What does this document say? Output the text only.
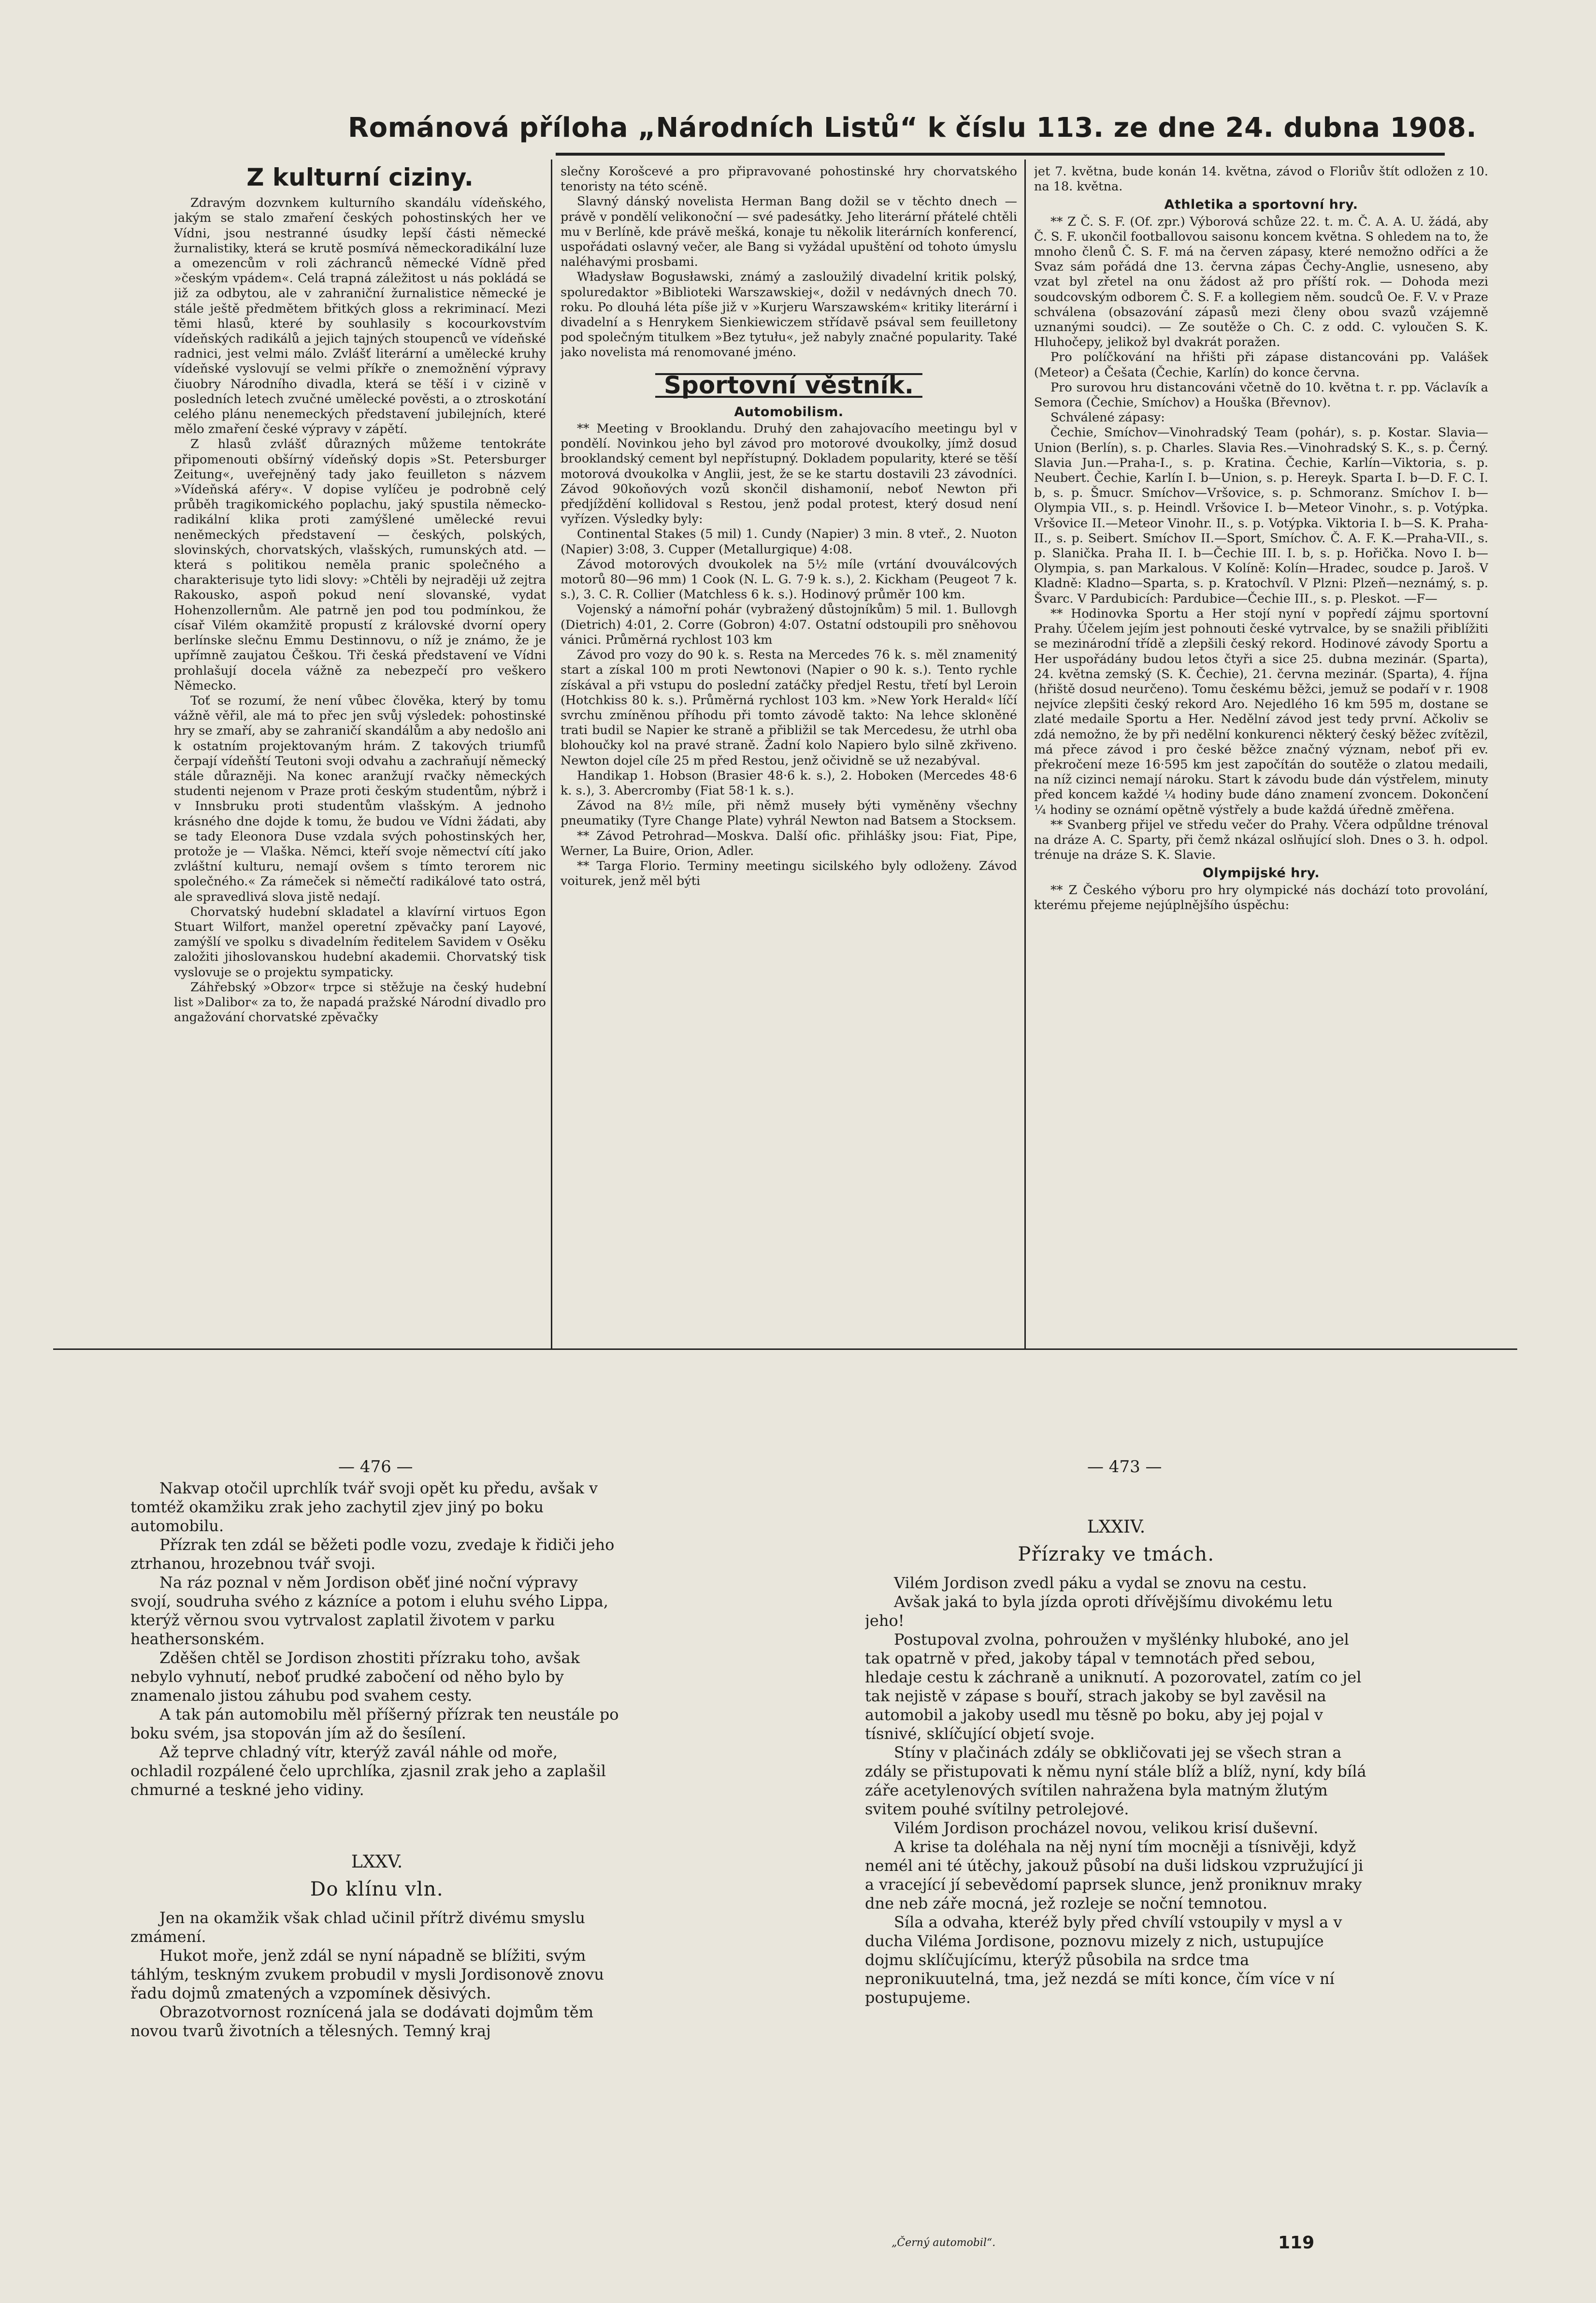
Románová příloha „Národních Listů“ k číslu 113. ze dne 24. dubna 1908.
Z kulturní ciziny.

Zdravým dozvnkem kulturního skandálu vídeňského, jakým se stalo zmaření českých pohostinských her ve Vídni, jsou nestranné úsudky lepší části německé žurnalistiky, která se krutě posmívá německoradikální luze a omezencům v roli záchranců německé Vídně před »českým vpádem«. Celá trapná záležitost u nás pokládá se již za odbytou, ale v zahraniční žurnalistice německé je stále ještě předmětem břitkých gloss a rekriminací. Mezi těmi hlasů, které by souhlasily s kocourkovstvím vídeňských radikálů a jejich tajných stoupenců ve vídeňské radnici, jest velmi málo. Zvlášť literární a umělecké kruhy vídeňské vyslovují se velmi příkře o znemožnění výpravy čiuobry Národního divadla, která se těší i v cizině v posledních letech zvučné umělecké pověsti, a o ztroskotání celého plánu nenemeckých představení jubilejních, které mělo zmaření české výpravy v zápětí.

Z hlasů zvlášť důrazných můžeme tentokráte připomenouti obšírný vídeňský dopis »St. Petersburger Zeitung«, uveřejněný tady jako feuilleton s názvem »Vídeňská aféry«. V dopise vylíčeu je podrobně celý průběh tragikomického poplachu, jaký spustila německo-radikální klika proti zamýšlené umělecké revui neněmeckých představení — českých, polských, slovinských, chorvatských, vlašských, rumunských atd. — která s politikou neměla pranic společného a charakterisuje tyto lidi slovy: »Chtěli by nejraději už zejtra Rakousko, aspoň pokud není slovanské, vydat Hohenzollernům. Ale patrně jen pod tou podmínkou, že císař Vilém okamžitě propustí z královské dvorní opery berlínske slečnu Emmu Destinnovu, o níž je známo, že je upřímně zaujatou Češkou. Tři česká představení ve Vídni prohlašují docela vážně za nebezpečí pro veškero Německo.

Toť se rozumí, že není vůbec člověka, který by tomu vážně věřil, ale má to přec jen svůj výsledek: pohostinské hry se zmaří, aby se zahraničí skandálům a aby nedošlo ani k ostatním projektovaným hrám. Z takových triumfů čerpají vídeňští Teutoni svoji odvahu a zachraňují německý stále důrazněji. Na konec aranžují rvačky německých studenti nejenom v Praze proti českým studentům, nýbrž i v Innsbruku proti studentům vlašským. A jednoho krásného dne dojde k tomu, že budou ve Vídni žádati, aby se tady Eleonora Duse vzdala svých pohostinských her, protože je — Vlaška. Němci, kteří svoje němectví cítí jako zvláštní kulturu, nemají ovšem s tímto terorem nic společného.« Za rámeček si němečtí radikálové tato ostrá, ale spravedlivá slova jistě nedají.

Chorvatský hudební skladatel a klavírní virtuos Egon Stuart Wilfort, manžel operetní zpěvačky paní Layové, zamýšlí ve spolku s divadelním ředitelem Savidem v Osěku založiti jihoslovanskou hudební akademii. Chorvatský tisk vyslovuje se o projektu sympaticky.

Záhřebský »Obzor« trpce si stěžuje na český hudební list »Dalibor« za to, že napadá pražské Národní divadlo pro angažování chorvatské zpěvačky

slečny Korošcevé a pro připravované pohostinské hry chorvatského tenoristy na této scéně.

Slavný dánský novelista Herman Bang dožil se v těchto dnech — právě v pondělí velikonoční — své padesátky. Jeho literární přátelé chtěli mu v Berlíně, kde právě mešká, konaje tu několik literárních konferencí, uspořádati oslavný večer, ale Bang si vyžádal upuštění od tohoto úmyslu naléhavými prosbami.

Władysław Bogusławski, známý a zasloužilý divadelní kritik polský, spoluredaktor »Biblioteki Warszawskiej«, dožil v nedávných dnech 70. roku. Po dlouhá léta píše již v »Kurjeru Warszawském« kritiky literární i divadelní a s Henrykem Sienkiewiczem střídavě psával sem feuilletony pod společným titulkem »Bez tytułu«, jež nabyly značné popularity. Také jako novelista má renomované jméno.

Sportovní věstník.
Automobilism.

** Meeting v Brooklandu. Druhý den zahajovacího meetingu byl v pondělí. Novinkou jeho byl závod pro motorové dvoukolky, jímž dosud brooklandský cement byl nepřístupný. Dokladem popularity, které se těší motorová dvoukolka v Anglii, jest, že se ke startu dostavili 23 závodníci. Závod 90koňových vozů skončil dishamonií, neboť Newton při předjíždění kollidoval s Restou, jenž podal protest, který dosud není vyřízen. Výsledky byly:

Continental Stakes (5 mil) 1. Cundy (Napier) 3 min. 8 vteř., 2. Nuoton (Napier) 3:08, 3. Cupper (Metallurgique) 4:08.

Závod motorových dvoukolek na 5½ míle (vrtání dvouválcových motorů 80—96 mm) 1 Cook (N. L. G. 7·9 k. s.), 2. Kickham (Peugeot 7 k. s.), 3. C. R. Collier (Matchless 6 k. s.). Hodinový průměr 100 km.

Vojenský a námořní pohár (vybražený důstojníkům) 5 mil. 1. Bullovgh (Dietrich) 4:01, 2. Corre (Gobron) 4:07. Ostatní odstoupili pro sněhovou vánici. Průměrná rychlost 103 km

Závod pro vozy do 90 k. s. Resta na Mercedes 76 k. s. měl znamenitý start a získal 100 m proti Newtonovi (Napier o 90 k. s.). Tento rychle získával a při vstupu do poslední zatáčky předjel Restu, třetí byl Leroin (Hotchkiss 80 k. s.). Průměrná rychlost 103 km. »New York Herald« líčí svrchu zmíněnou příhodu při tomto závodě takto: Na lehce skloněné trati budil se Napier ke straně a přibližil se tak Mercedesu, že utrhl oba blohoučky kol na pravé straně. Žadní kolo Napiero bylo silně zkřiveno. Newton dojel cíle 25 m před Restou, jenž očividně se už nezabýval.

Handikap 1. Hobson (Brasier 48·6 k. s.), 2. Hoboken (Mercedes 48·6 k. s.), 3. Abercromby (Fiat 58·1 k. s.).

Závod na 8½ míle, při němž museły býti vyměněny všechny pneumatiky (Tyre Change Plate) vyhrál Newton nad Batsem a Stocksem.

** Závod Petrohrad—Moskva. Další ofic. přihlášky jsou: Fiat, Pipe, Werner, La Buire, Orion, Adler.

** Targa Florio. Terminy meetingu sicilského byly odloženy. Závod voiturek, jenž měl býti

jet 7. května, bude konán 14. května, závod o Floriův štít odložen z 10. na 18. května.

Athletika a sportovní hry.

** Z Č. S. F. (Of. zpr.) Výborová schůze 22. t. m. Č. A. A. U. žádá, aby Č. S. F. ukončil footballovou saisonu koncem května. S ohledem na to, že mnoho členů Č. S. F. má na červen zápasy, které nemožno odříci a že Svaz sám pořádá dne 13. června zápas Čechy-Anglie, usneseno, aby vzat byl zřetel na onu žádost až pro příští rok. — Dohoda mezi soudcovským odborem Č. S. F. a kollegiem něm. soudců Oe. F. V. v Praze schválena (obsazování zápasů mezi členy obou svazů vzájemně uznanými soudci). — Ze soutěže o Ch. C. z odd. C. vyloučen S. K. Hluhočepy, jelikož byl dvakrát poražen.

Pro políčkování na hřišti při zápase distancováni pp. Valášek (Meteor) a Češata (Čechie, Karlín) do konce června.

Pro surovou hru distancováni včetně do 10. května t. r. pp. Václavík a Semora (Čechie, Smíchov) a Houška (Břevnov).

Schválené zápasy:

Čechie, Smíchov—Vinohradský Team (pohár), s. p. Kostar. Slavia—Union (Berlín), s. p. Charles. Slavia Res.—Vinohradský S. K., s. p. Černý. Slavia Jun.—Praha-I., s. p. Kratina. Čechie, Karlín—Viktoria, s. p. Neubert. Čechie, Karlín I. b—Union, s. p. Hereyk. Sparta I. b—D. F. C. I. b, s. p. Šmucr. Smíchov—Vršovice, s. p. Schmoranz. Smíchov I. b—Olympia VII., s. p. Heindl. Vršovice I. b—Meteor Vinohr., s. p. Votýpka. Vršovice II.—Meteor Vinohr. II., s. p. Votýpka. Viktoria I. b—S. K. Praha-II., s. p. Seibert. Smíchov II.—Sport, Smíchov. Č. A. F. K.—Praha-VII., s. p. Slanička. Praha II. I. b—Čechie III. I. b, s. p. Hořička. Novo I. b—Olympia, s. pan Markalous. V Kolíně: Kolín—Hradec, soudce p. Jaroš. V Kladně: Kladno—Sparta, s. p. Kratochvíl. V Plzni: Plzeň—neznámý, s. p. Švarc. V Pardubicích: Pardubice—Čechie III., s. p. Pleskot. —F—

** Hodinovka Sportu a Her stojí nyní v popředí zájmu sportovní Prahy. Účelem jejím jest pohnouti české vytrvalce, by se snažili přiblížiti se mezinárodní třídě a zlepšili český rekord. Hodinové závody Sportu a Her uspořádány budou letos čtyři a sice 25. dubna mezinár. (Sparta), 24. května zemský (S. K. Čechie), 21. června mezinár. (Sparta), 4. října (hřiště dosud neurčeno). Tomu českému běžci, jemuž se podaří v r. 1908 nejvíce zlepšiti český rekord Aro. Nejedlého 16 km 595 m, dostane se zlaté medaile Sportu a Her. Nedělní závod jest tedy první. Ačkoliv se zdá nemožno, že by při nedělní konkurenci některý český běžec zvítězil, má přece závod i pro české běžce značný význam, neboť při ev. překročení meze 16·595 km jest započítán do soutěže o zlatou medaili, na níž cizinci nemají nároku. Start k závodu bude dán výstřelem, minuty před koncem každé ¼ hodiny bude dáno znamení zvoncem. Dokončení ¼ hodiny se oznámí opětně výstřely a bude každá úředně změřena.

** Svanberg přijel ve středu večer do Prahy. Včera odpůldne trénoval na dráze A. C. Sparty, při čemž nkázal oslňující sloh. Dnes o 3. h. odpol. trénuje na dráze S. K. Slavie.

Olympijské hry.

** Z Českého výboru pro hry olympické nás dochází toto provolání, kterému přejeme nejúplnějšího úspěchu:

— 476 —

Nakvap otočil uprchlík tvář svoji opět ku předu, avšak v tomtéž okamžiku zrak jeho zachytil zjev jiný po boku automobilu.

Přízrak ten zdál se běžeti podle vozu, zvedaje k řidiči jeho ztrhanou, hrozebnou tvář svoji.

Na ráz poznal v něm Jordison oběť jiné noční výpravy svojí, soudruha svého z kázníce a potom i eluhu svého Lippa, kterýž věrnou svou vytrvalost zaplatil životem v parku heathersonském.

Zděšen chtěl se Jordison zhostiti přízraku toho, avšak nebylo vyhnutí, neboť prudké zabočení od něho bylo by znamenalo jistou záhubu pod svahem cesty.

A tak pán automobilu měl příšerný přízrak ten neustále po boku svém, jsa stopován jím až do šesílení.

Až teprve chladný vítr, kterýž zavál náhle od moře, ochladil rozpálené čelo uprchlíka, zjasnil zrak jeho a zaplašil chmurné a teskné jeho vidiny.

LXXV.
Do klínu vln.

Jen na okamžik však chlad učinil přítrž divému smyslu zmámení.

Hukot moře, jenž zdál se nyní nápadně se blížiti, svým táhlým, teskným zvukem probudil v mysli Jordisonově znovu řadu dojmů zmatených a vzpomínek děsivých.

Obrazotvornost roznícená jala se dodávati dojmům těm novou tvarů životních a tělesných. Temný kraj

— 473 —
LXXIV.
Přízraky ve tmách.

Vilém Jordison zvedl páku a vydal se znovu na cestu.

Avšak jaká to byla jízda oproti dřívějšímu divokému letu jeho!

Postupoval zvolna, pohroužen v myšlénky hluboké, ano jel tak opatrně v před, jakoby tápal v temnotách před sebou, hledaje cestu k záchraně a uniknutí. A pozorovatel, zatím co jel tak nejistě v zápase s bouří, strach jakoby se byl zavěsil na automobil a jakoby usedl mu těsně po boku, aby jej pojal v tísnivé, sklíčující objetí svoje.

Stíny v plačinách zdály se obkličovati jej se všech stran a zdály se přistupovati k němu nyní stále blíž a blíž, nyní, kdy bílá záře acetylenových svítilen nahražena byla matným žlutým svitem pouhé svítilny petrolejové.

Vilém Jordison procházel novou, velikou krisí duševní.

A krise ta doléhala na něj nyní tím mocněji a tísnivěji, když nemél ani té útěchy, jakouž působí na duši lidskou vzpružující ji a vracející jí sebevědomí paprsek slunce, jenž proniknuv mraky dne neb záře mocná, jež rozleje se noční temnotou.

Síla a odvaha, kteréž byly před chvílí vstoupily v mysl a v ducha Viléma Jordisone, poznovu mizely z nich, ustupujíce dojmu sklíčujícímu, kterýž působila na srdce tma nepronikuutelná, tma, jež nezdá se míti konce, čím více v ní postupujeme.

„Černý automobil“.	119
